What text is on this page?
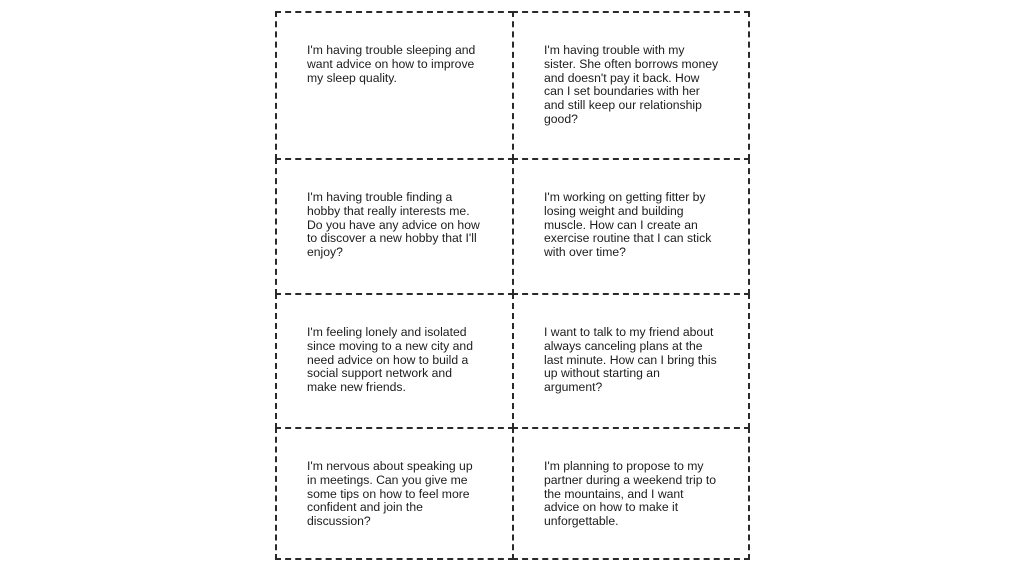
I'm having trouble sleeping and
want advice on how to improve
my sleep quality.

I'm having trouble with my
sister. She often borrows money
and doesn't pay it back. How
can I set boundaries with her
and still keep our relationship
good?

I'm having trouble finding a
hobby that really interests me.
Do you have any advice on how
to discover a new hobby that I'll
enjoy?

I'm working on getting fitter by
losing weight and building
muscle. How can I create an
exercise routine that I can stick
with over time?

I'm feeling lonely and isolated
since moving to a new city and
need advice on how to build a
social support network and
make new friends.

I want to talk to my friend about
always canceling plans at the
last minute. How can I bring this
up without starting an
argument?

I'm nervous about speaking up
in meetings. Can you give me
some tips on how to feel more
confident and join the
discussion?

I'm planning to propose to my
partner during a weekend trip to
the mountains, and I want
advice on how to make it
unforgettable.
